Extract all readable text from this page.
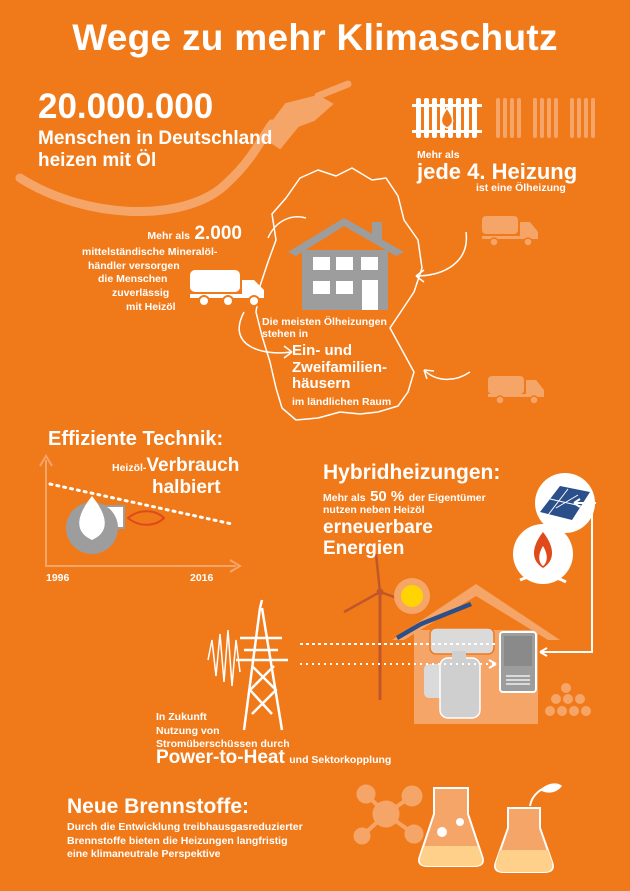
Wege zu mehr Klimaschutz
20.000.000
Menschen in Deutschland
heizen mit Öl	Mehr als
jede 4. Heizung
ist eine Ölheizung
Mehr als 2.000
mittelständische Mineralöl-
händler versorgen
die Menschen
zuverlässig
mit Heizöl
Die meisten Ölheizungen
stehen in
Ein- und
Zweifamilien-
häusern
im ländlichen Raum
Effiziente Technik:
Heizöl-Verbrauch
halbiert
1996	2016
Hybridheizungen:
Mehr als 50 % der Eigentümer
nutzen neben Heizöl
erneuerbare
Energien
In Zukunft
Nutzung von
Stromüberschüssen durch
Power-to-Heat und Sektorkopplung
Neue Brennstoffe:
Durch die Entwicklung treibhausgasreduzierter
Brennstoffe bieten die Heizungen langfristig
eine klimaneutrale Perspektive
